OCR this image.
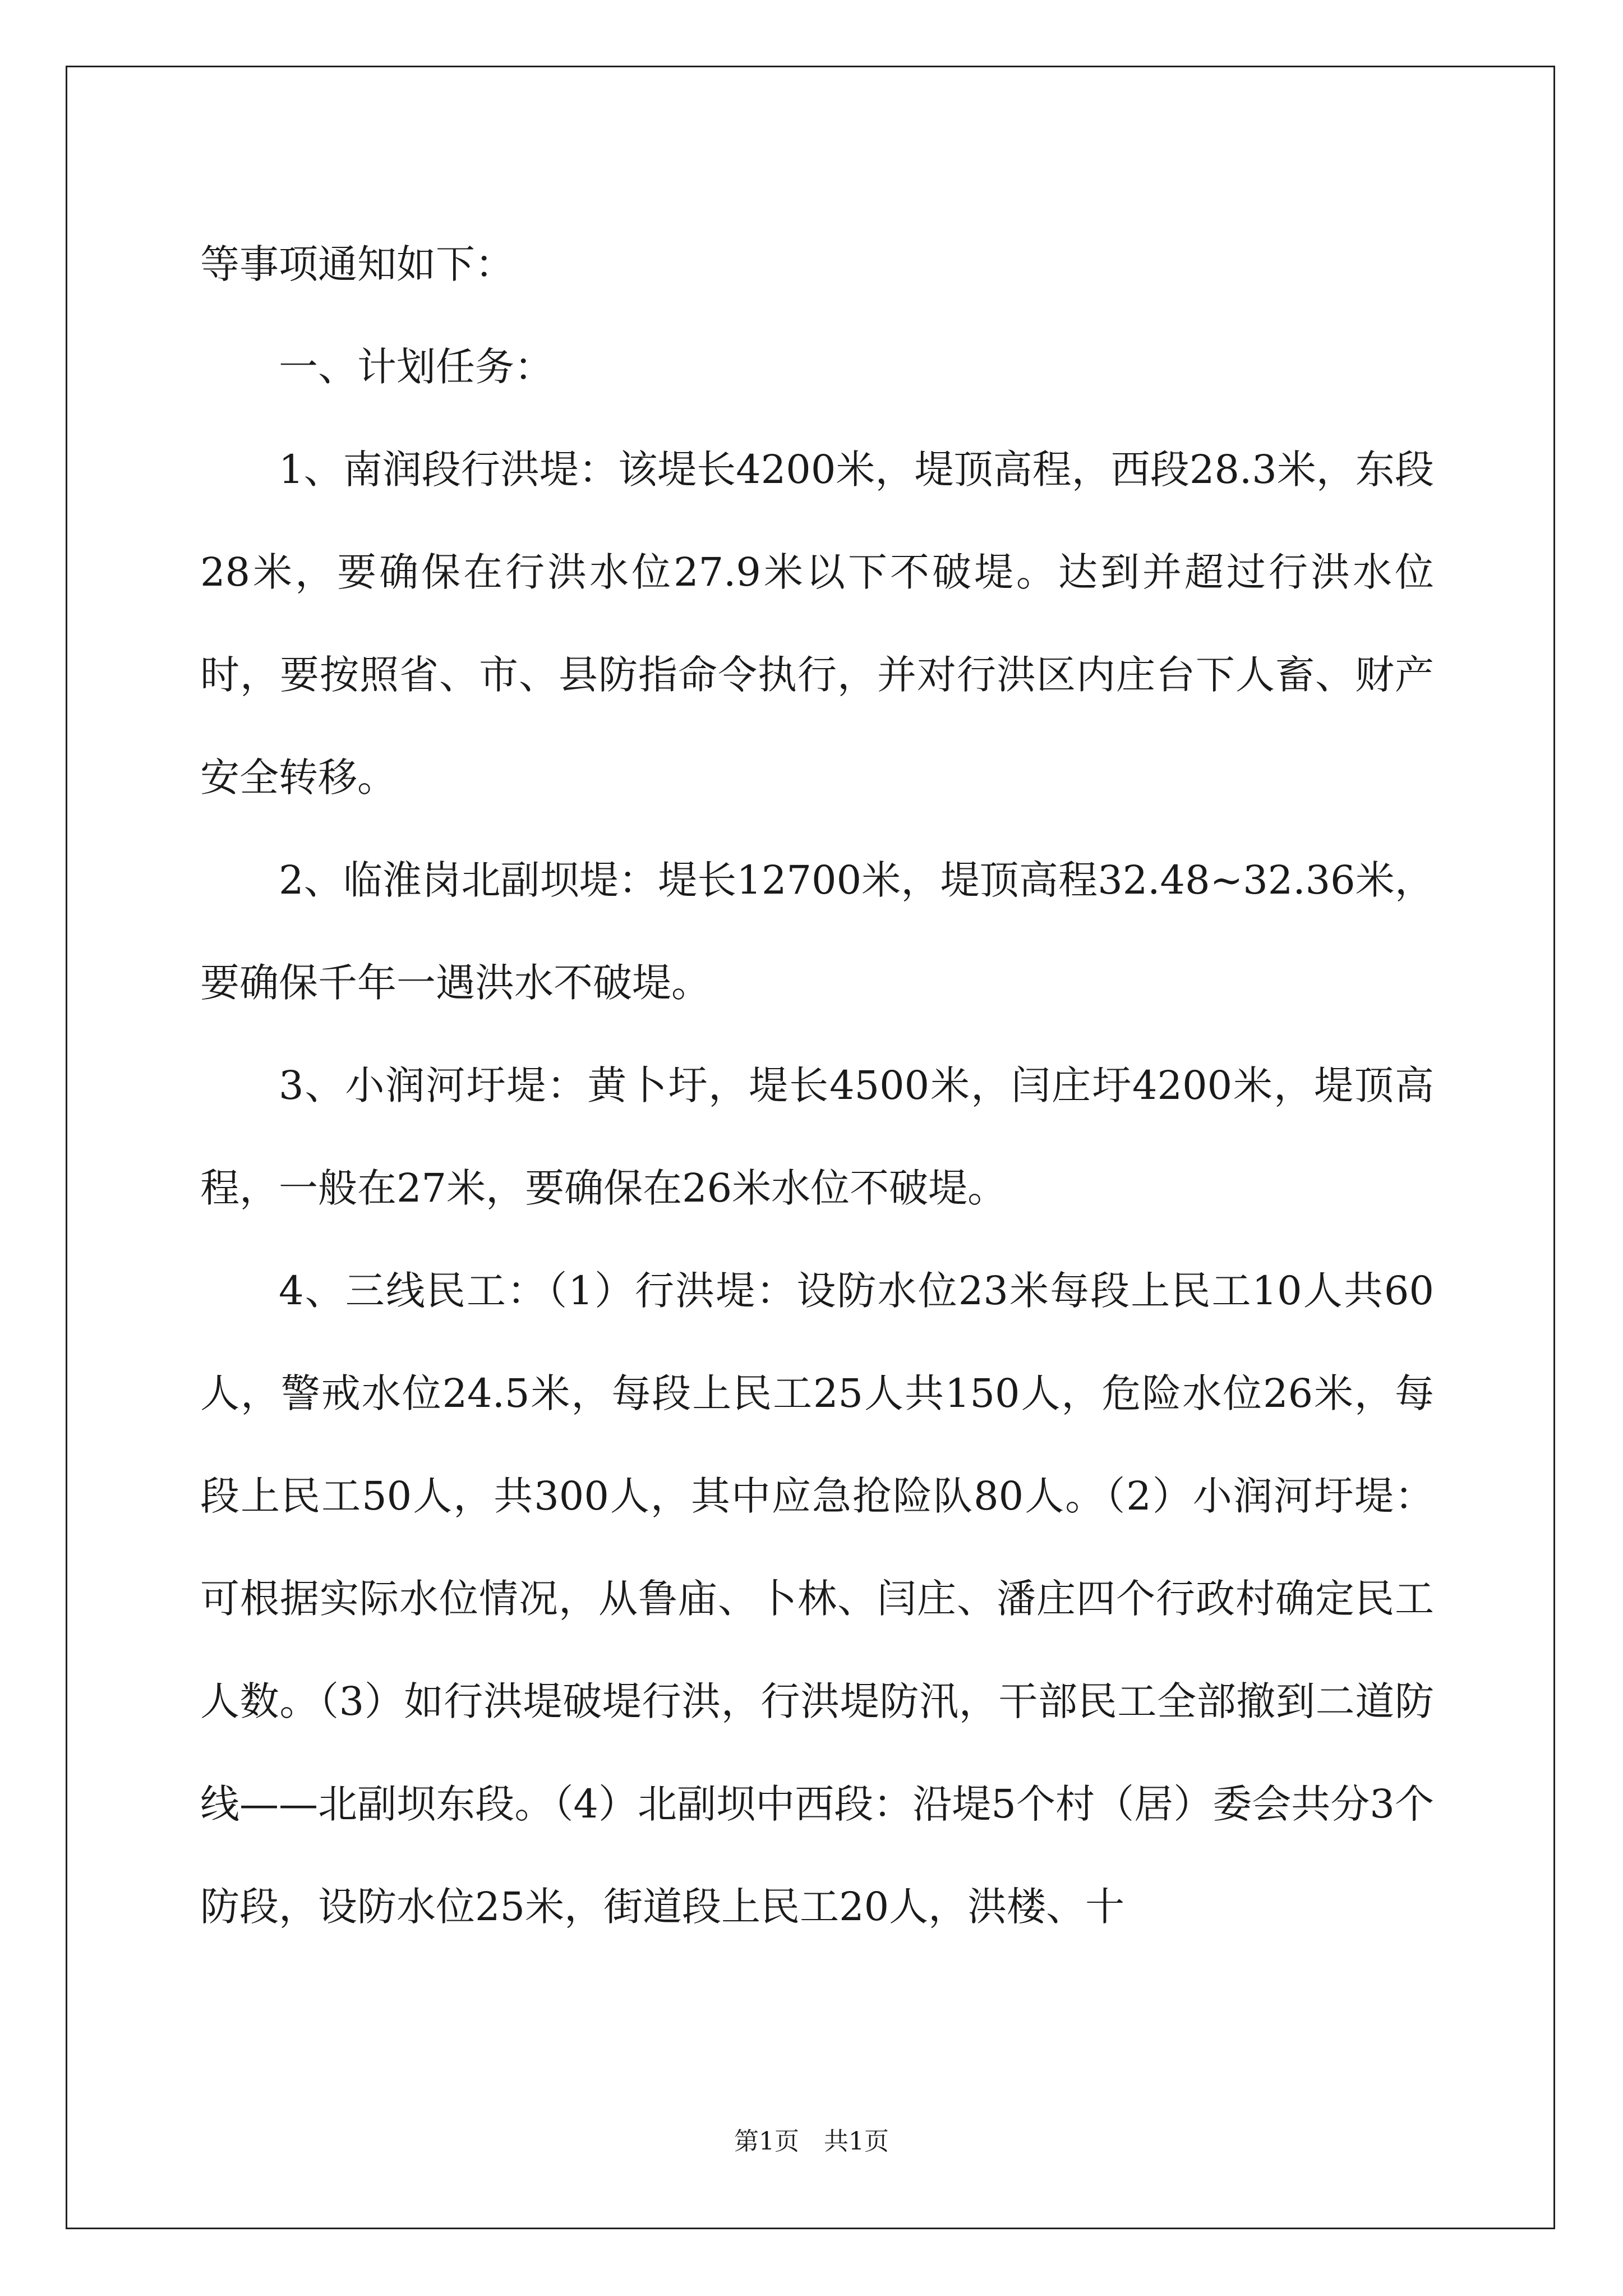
等事项通知如下：

一、计划任务：

1、南润段行洪堤：该堤长4200米，堤顶高程，西段28.3米，东段28米，要确保在行洪水位27.9米以下不破堤。达到并超过行洪水位时，要按照省、市、县防指命令执行，并对行洪区内庄台下人畜、财产安全转移。

2、临淮岗北副坝堤：堤长12700米，堤顶高程32.48~32.36米，要确保千年一遇洪水不破堤。

3、小润河圩堤：黄卜圩，堤长4500米，闫庄圩4200米，堤顶高程，一般在27米，要确保在26米水位不破堤。

4、三线民工：（1）行洪堤：设防水位23米每段上民工10人共60人，警戒水位24.5米，每段上民工25人共150人，危险水位26米，每段上民工50人，共300人，其中应急抢险队80人。（2）小润河圩堤：可根据实际水位情况，从鲁庙、卜林、闫庄、潘庄四个行政村确定民工人数。（3）如行洪堤破堤行洪，行洪堤防汛，干部民工全部撤到二道防线——北副坝东段。（4）北副坝中西段：沿堤5个村（居）委会共分3个防段，设防水位25米，街道段上民工20人，洪楼、十

第1页 共1页
